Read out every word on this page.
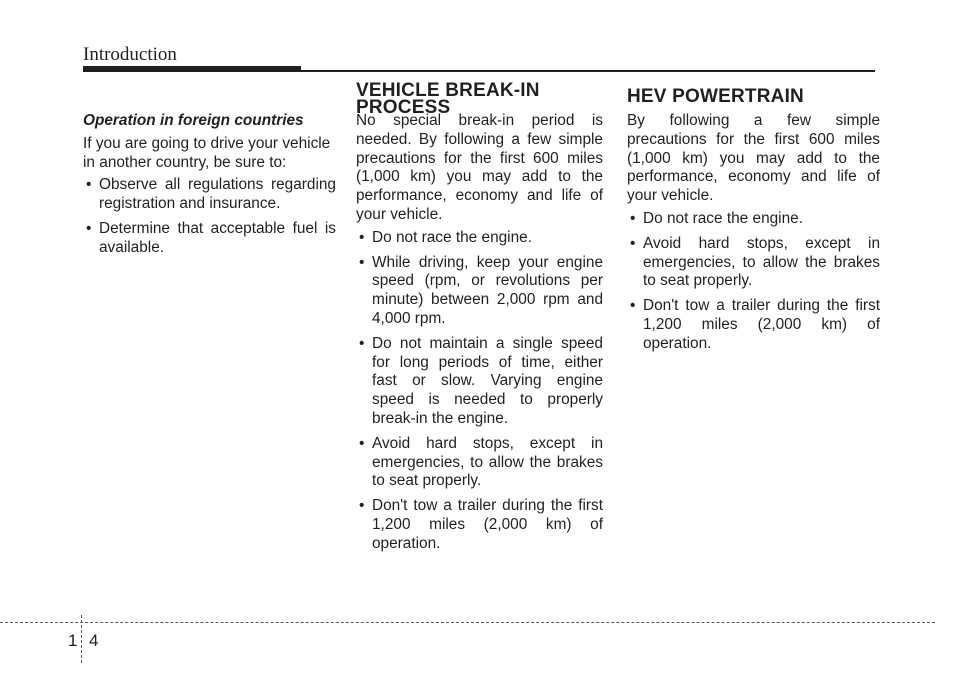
Introduction

Operation in foreign countries

If you are going to drive your vehicle in another country, be sure to:

• Observe all regulations regarding registration and insurance.
• Determine that acceptable fuel is available.
VEHICLE BREAK-IN
PROCESS

No special break-in period is needed. By following a few simple precautions for the first 600 miles (1,000 km) you may add to the performance, economy and life of your vehicle.

• Do not race the engine.
• While driving, keep your engine speed (rpm, or revolutions per minute) between 2,000 rpm and 4,000 rpm.
• Do not maintain a single speed for long periods of time, either fast or slow. Varying engine speed is needed to properly break-in the engine.
• Avoid hard stops, except in emergencies, to allow the brakes to seat properly.
• Don't tow a trailer during the first 1,200 miles (2,000 km) of operation.
HEV POWERTRAIN

By following a few simple precautions for the first 600 miles (1,000 km) you may add to the performance, economy and life of your vehicle.

• Do not race the engine.
• Avoid hard stops, except in emergencies, to allow the brakes to seat properly.
• Don't tow a trailer during the first 1,200 miles (2,000 km) of operation.
1 4
